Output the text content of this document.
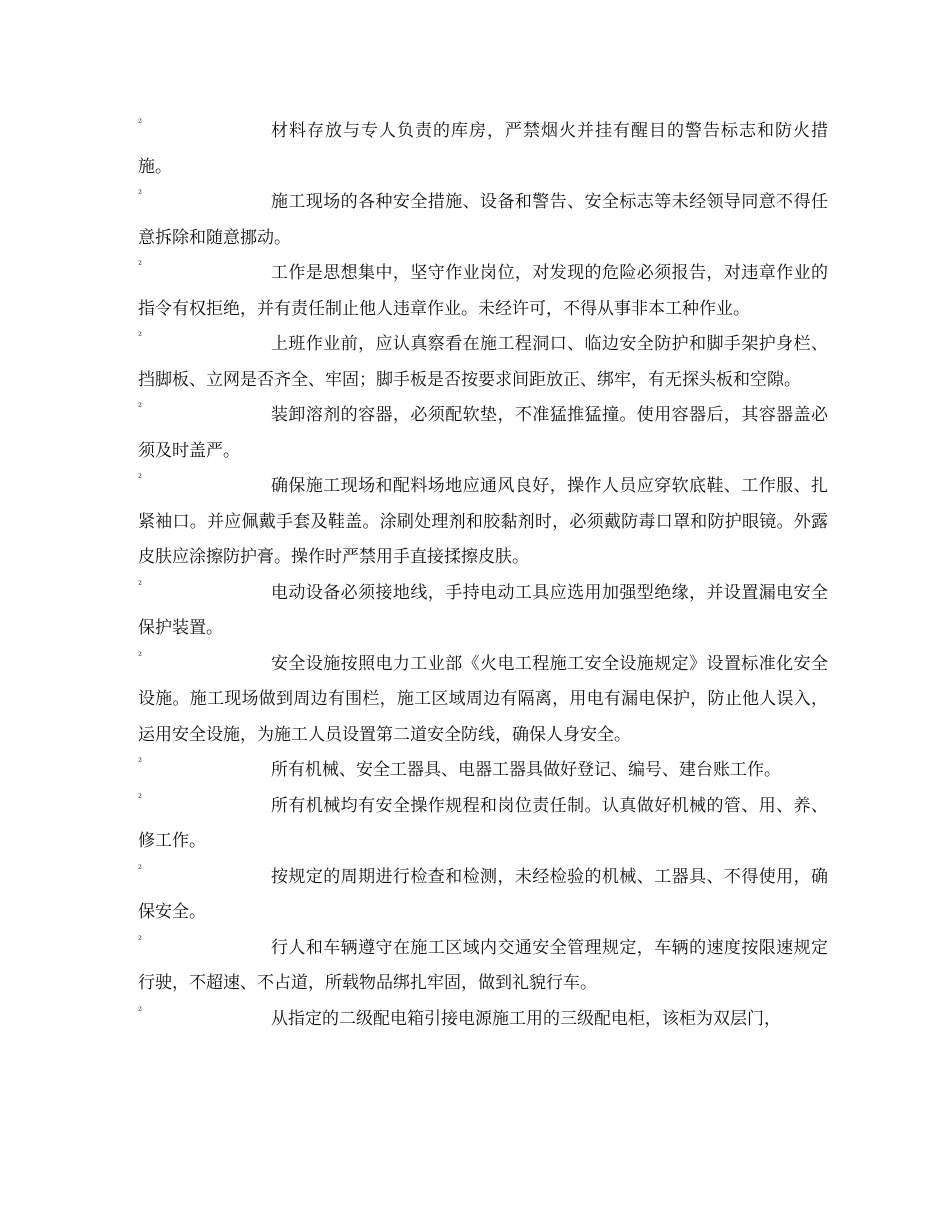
²	材料存放与专人负责的库房，严禁烟火并挂有醒目的警告标志和防火措施。

²	施工现场的各种安全措施、设备和警告、安全标志等未经领导同意不得任意拆除和随意挪动。

²	工作是思想集中，坚守作业岗位，对发现的危险必须报告，对违章作业的指令有权拒绝，并有责任制止他人违章作业。未经许可，不得从事非本工种作业。

²	上班作业前，应认真察看在施工程洞口、临边安全防护和脚手架护身栏、挡脚板、立网是否齐全、牢固；脚手板是否按要求间距放正、绑牢，有无探头板和空隙。

²	装卸溶剂的容器，必须配软垫，不准猛推猛撞。使用容器后，其容器盖必须及时盖严。

²	确保施工现场和配料场地应通风良好，操作人员应穿软底鞋、工作服、扎紧袖口。并应佩戴手套及鞋盖。涂刷处理剂和胶黏剂时，必须戴防毒口罩和防护眼镜。外露皮肤应涂擦防护膏。操作时严禁用手直接揉擦皮肤。

²	电动设备必须接地线，手持电动工具应选用加强型绝缘，并设置漏电安全保护装置。

²	安全设施按照电力工业部《火电工程施工安全设施规定》设置标准化安全设施。施工现场做到周边有围栏，施工区域周边有隔离，用电有漏电保护，防止他人误入，运用安全设施，为施工人员设置第二道安全防线，确保人身安全。

²	所有机械、安全工器具、电器工器具做好登记、编号、建台账工作。

²	所有机械均有安全操作规程和岗位责任制。认真做好机械的管、用、养、修工作。

²	按规定的周期进行检查和检测，未经检验的机械、工器具、不得使用，确保安全。

²	行人和车辆遵守在施工区域内交通安全管理规定，车辆的速度按限速规定行驶，不超速、不占道，所载物品绑扎牢固，做到礼貌行车。

²	从指定的二级配电箱引接电源施工用的三级配电柜，该柜为双层门，
